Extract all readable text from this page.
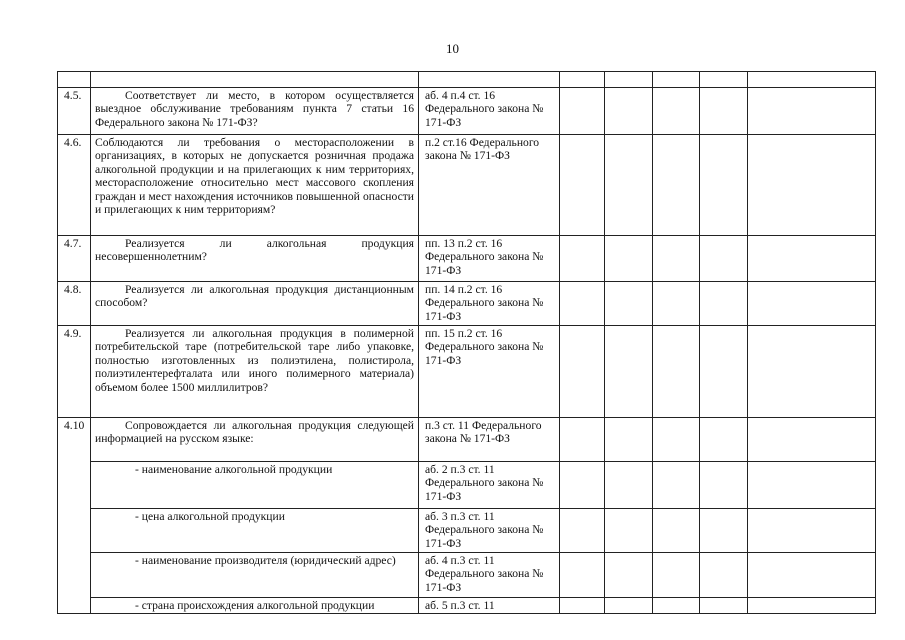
10

4.5.	Соответствует ли место, в котором осуществляется выездное обслуживание требованиям пункта 7 статьи 16 Федерального закона № 171-ФЗ?	аб. 4 п.4 ст. 16 Федерального закона № 171-ФЗ					
4.6.	Соблюдаются ли требования о месторасположении в организациях, в которых не допускается розничная продажа алкогольной продукции и на прилегающих к ним территориях, месторасположение относительно мест массового скопления граждан и мест нахождения источников повышенной опасности и прилегающих к ним территориям?	п.2 ст.16 Федерального закона № 171-ФЗ					
4.7.	Реализуется ли алкогольная продукция несовершеннолетним?	пп. 13 п.2 ст. 16 Федерального закона № 171-ФЗ					
4.8.	Реализуется ли алкогольная продукция дистанционным способом?	пп. 14 п.2 ст. 16 Федерального закона № 171-ФЗ					
4.9.	Реализуется ли алкогольная продукция в полимерной потребительской таре (потребительской таре либо упаковке, полностью изготовленных из полиэтилена, полистирола, полиэтилентерефталата или иного полимерного материала) объемом более 1500 миллилитров?	пп. 15 п.2 ст. 16 Федерального закона № 171-ФЗ					
4.10	Сопровождается ли алкогольная продукция следующей информацией на русском языке:	п.3 ст. 11 Федерального закона № 171-ФЗ					
	- наименование алкогольной продукции	аб. 2 п.3 ст. 11 Федерального закона № 171-ФЗ					
	- цена алкогольной продукции	аб. 3 п.3 ст. 11 Федерального закона № 171-ФЗ					
	- наименование производителя (юридический адрес)	аб. 4 п.3 ст. 11 Федерального закона № 171-ФЗ					
	- страна происхождения алкогольной продукции	аб. 5 п.3 ст. 11					
